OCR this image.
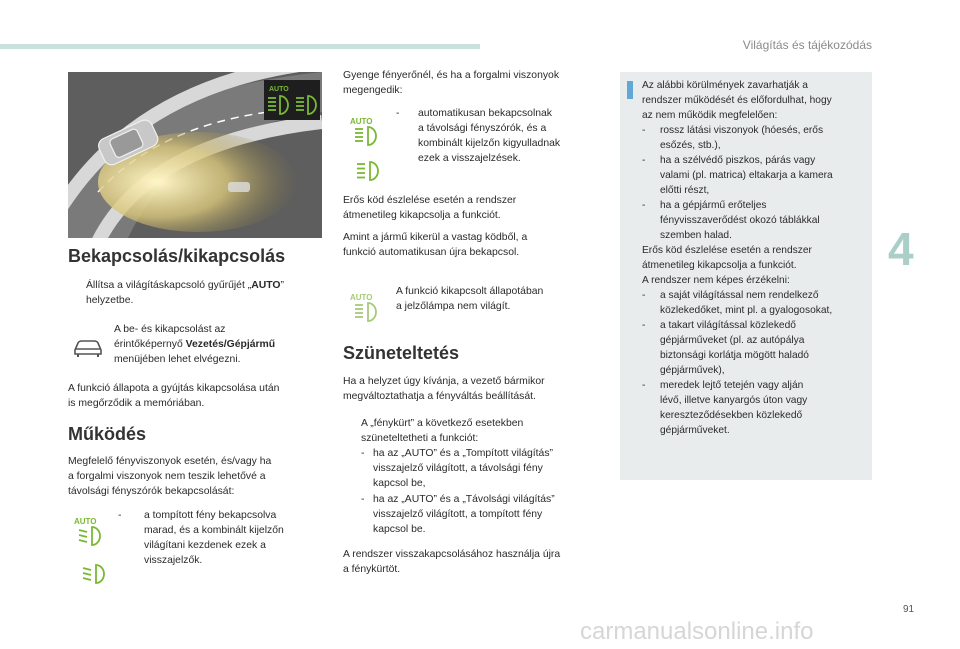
Világítás és tájékozódás
4
91
AUTO
Bekapcsolás/kikapcsolás
Állítsa a világításkapcsoló gyűrűjét „AUTO”
helyzetbe.

A be- és kikapcsolást az

érintőképernyő Vezetés/Gépjármű

menüjében lehet elvégezni.

A funkció állapota a gyújtás kikapcsolása után

is megőrződik a memóriában.

Működés

Megfelelő fényviszonyok esetén, és/vagy ha

a forgalmi viszonyok nem teszik lehetővé a

távolsági fényszórók bekapcsolását:

AUTO
- a tompított fény bekapcsolva

marad, és a kombinált kijelzőn

világítani kezdenek ezek a

visszajelzők.

Gyenge fényerőnél, és ha a forgalmi viszonyok

megengedik:

AUTO
- automatikusan bekapcsolnak

a távolsági fényszórók, és a

kombinált kijelzőn kigyulladnak

ezek a visszajelzések.

Erős köd észlelése esetén a rendszer

átmenetileg kikapcsolja a funkciót.

Amint a jármű kikerül a vastag ködből, a

funkció automatikusan újra bekapcsol.

AUTO

A funkció kikapcsolt állapotában

a jelzőlámpa nem világít.

Szüneteltetés

Ha a helyzet úgy kívánja, a vezető bármikor

megváltoztathatja a fényváltás beállítását.

A „fénykürt” a következő esetekben

szüneteltetheti a funkciót:

- ha az „AUTO” és a „Tompított világítás”

visszajelző világított, a távolsági fény

kapcsol be,

- ha az „AUTO” és a „Távolsági világítás”

visszajelző világított, a tompított fény

kapcsol be.

A rendszer visszakapcsolásához használja újra

a fénykürtöt.

Az alábbi körülmények zavarhatják a

rendszer működését és előfordulhat, hogy

az nem működik megfelelően:

- rossz látási viszonyok (hóesés, erős

esőzés, stb.),

- ha a szélvédő piszkos, párás vagy

valami (pl. matrica) eltakarja a kamera

előtti részt,

- ha a gépjármű erőteljes

fényvisszaverődést okozó táblákkal

szemben halad.

Erős köd észlelése esetén a rendszer

átmenetileg kikapcsolja a funkciót.

A rendszer nem képes érzékelni:

- a saját világítással nem rendelkező

közlekedőket, mint pl. a gyalogosokat,

- a takart világítással közlekedő

gépjárműveket (pl. az autópálya

biztonsági korlátja mögött haladó

gépjárművek),

- meredek lejtő tetején vagy alján

lévő, illetve kanyargós úton vagy

kereszteződésekben közlekedő

gépjárműveket.

carmanualsonline.info
